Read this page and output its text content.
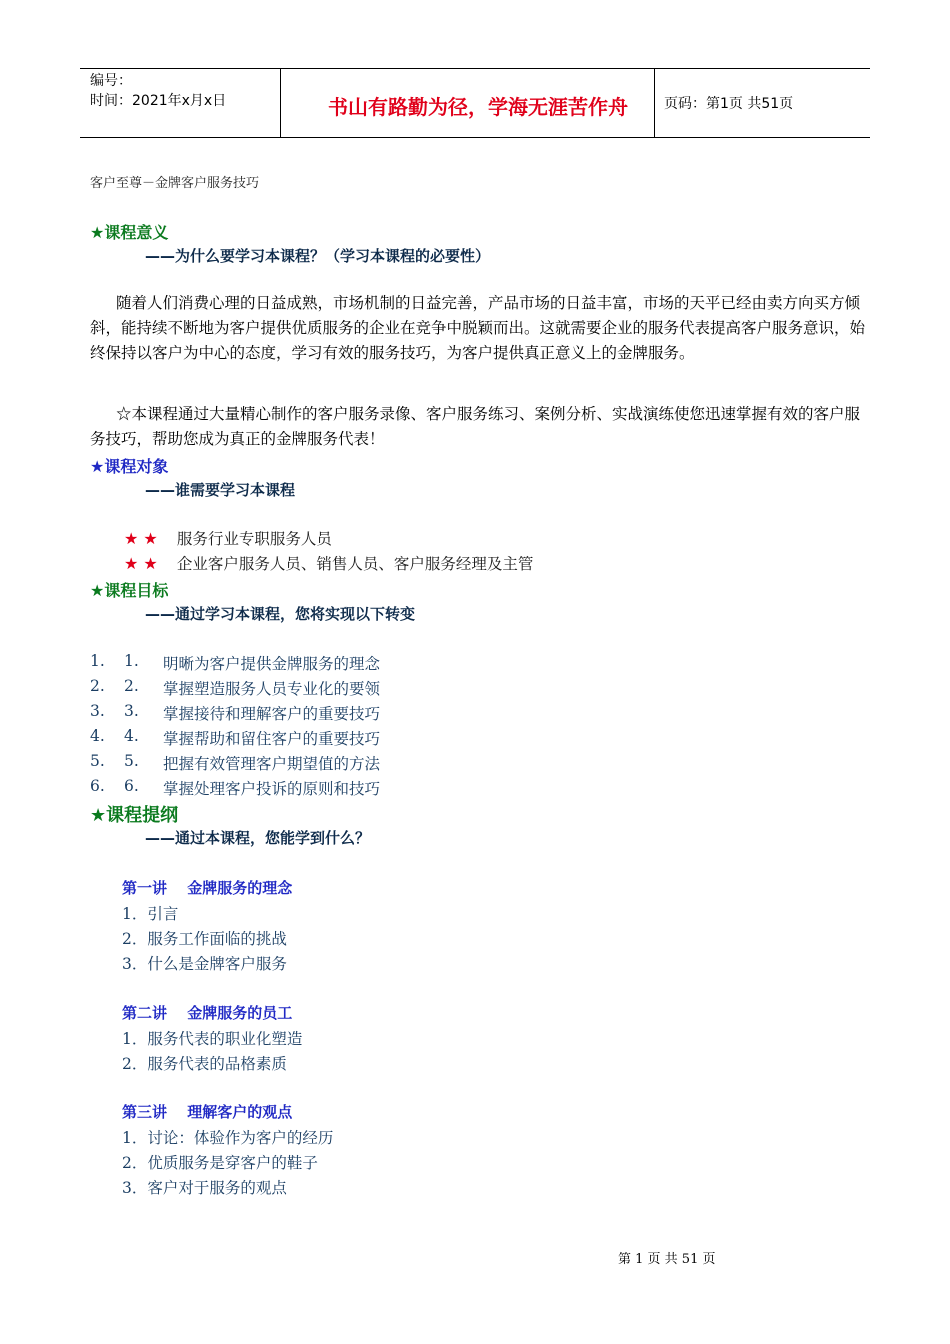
编号：
时间：2021年x月x日	书山有路勤为径，学海无涯苦作舟	页码：第1页 共51页
客户至尊－金牌客户服务技巧
★课程意义
——为什么要学习本课程？（学习本课程的必要性）
随着人们消费心理的日益成熟，市场机制的日益完善，产品市场的日益丰富，市场的天平已经由卖方向买方倾斜，能持续不断地为客户提供优质服务的企业在竞争中脱颖而出。这就需要企业的服务代表提高客户服务意识，始终保持以客户为中心的态度，学习有效的服务技巧，为客户提供真正意义上的金牌服务。
☆本课程通过大量精心制作的客户服务录像、客户服务练习、案例分析、实战演练使您迅速掌握有效的客户服务技巧，帮助您成为真正的金牌服务代表！
★课程对象
——谁需要学习本课程
★ ★ 服务行业专职服务人员
★ ★ 企业客户服务人员、销售人员、客户服务经理及主管
★课程目标
——通过学习本课程，您将实现以下转变
1. 1. 明晰为客户提供金牌服务的理念
2. 2. 掌握塑造服务人员专业化的要领
3. 3. 掌握接待和理解客户的重要技巧
4. 4. 掌握帮助和留住客户的重要技巧
5. 5. 把握有效管理客户期望值的方法
6. 6. 掌握处理客户投诉的原则和技巧
★课程提纲
——通过本课程，您能学到什么？
第一讲　 金牌服务的理念
1．引言
2．服务工作面临的挑战
3．什么是金牌客户服务
第二讲　 金牌服务的员工
1．服务代表的职业化塑造
2．服务代表的品格素质
第三讲　 理解客户的观点
1．讨论：体验作为客户的经历
2．优质服务是穿客户的鞋子
3．客户对于服务的观点
第 1 页 共 51 页
